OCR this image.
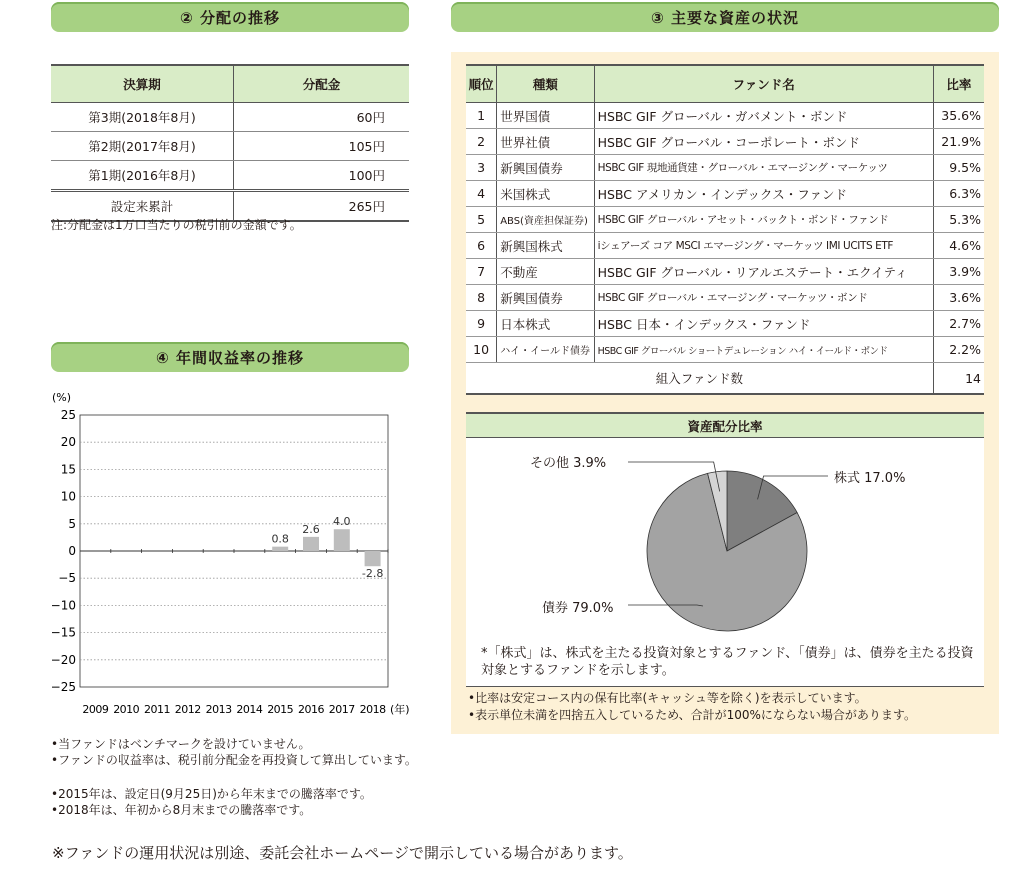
② 分配の推移	③ 主要な資産の状況
④ 年間収益率の推移
決算期	分配金
第3期(2018年8月)	60円
第2期(2017年8月)	105円
第1期(2016年8月)	100円
設定来累計	265円
注:分配金は1万口当たりの税引前の金額です。
順位	種類	ファンド名	比率
1	世界国債	HSBC GIF グローバル・ガバメント・ボンド	35.6%
2	世界社債	HSBC GIF グローバル・コーポレート・ボンド	21.9%
3	新興国債券	HSBC GIF 現地通貨建・グローバル・エマージング・マーケッツ	9.5%
4	米国株式	HSBC アメリカン・インデックス・ファンド	6.3%
5	ABS(資産担保証券)	HSBC GIF グローバル・アセット・バックト・ボンド・ファンド	5.3%
6	新興国株式	iシェアーズ コア MSCI エマージング・マーケッツ IMI UCITS ETF	4.6%
7	不動産	HSBC GIF グローバル・リアルエステート・エクイティ	3.9%
8	新興国債券	HSBC GIF グローバル・エマージング・マーケッツ・ボンド	3.6%
9	日本株式	HSBC 日本・インデックス・ファンド	2.7%
10	ハイ・イールド債券	HSBC GIF グローバル ショートデュレーション ハイ・イールド・ボンド	2.2%
組入ファンド数			14
資産配分比率
その他 3.9%
株式 17.0%
債券 79.0%
*「株式」は、株式を主たる投資対象とするファンド、「債券」は、債券を主たる投資対象とするファンドを示します。
•比率は安定コース内の保有比率(キャッシュ等を除く)を表示しています。
•表示単位未満を四捨五入しているため、合計が100%にならない場合があります。
(%)
25
20
15
10
5
0
−5
−10
−15
−20
−25
2009 2010 2011 2012 2013 2014 2015
0.8
2016
2.6
2017
4.0
2018
-2.8
(年)
•当ファンドはベンチマークを設けていません。
•ファンドの収益率は、税引前分配金を再投資して算出しています。
•2015年は、設定日(9月25日)から年末までの騰落率です。
•2018年は、年初から8月末までの騰落率です。
※ファンドの運用状況は別途、委託会社ホームページで開示している場合があります。
